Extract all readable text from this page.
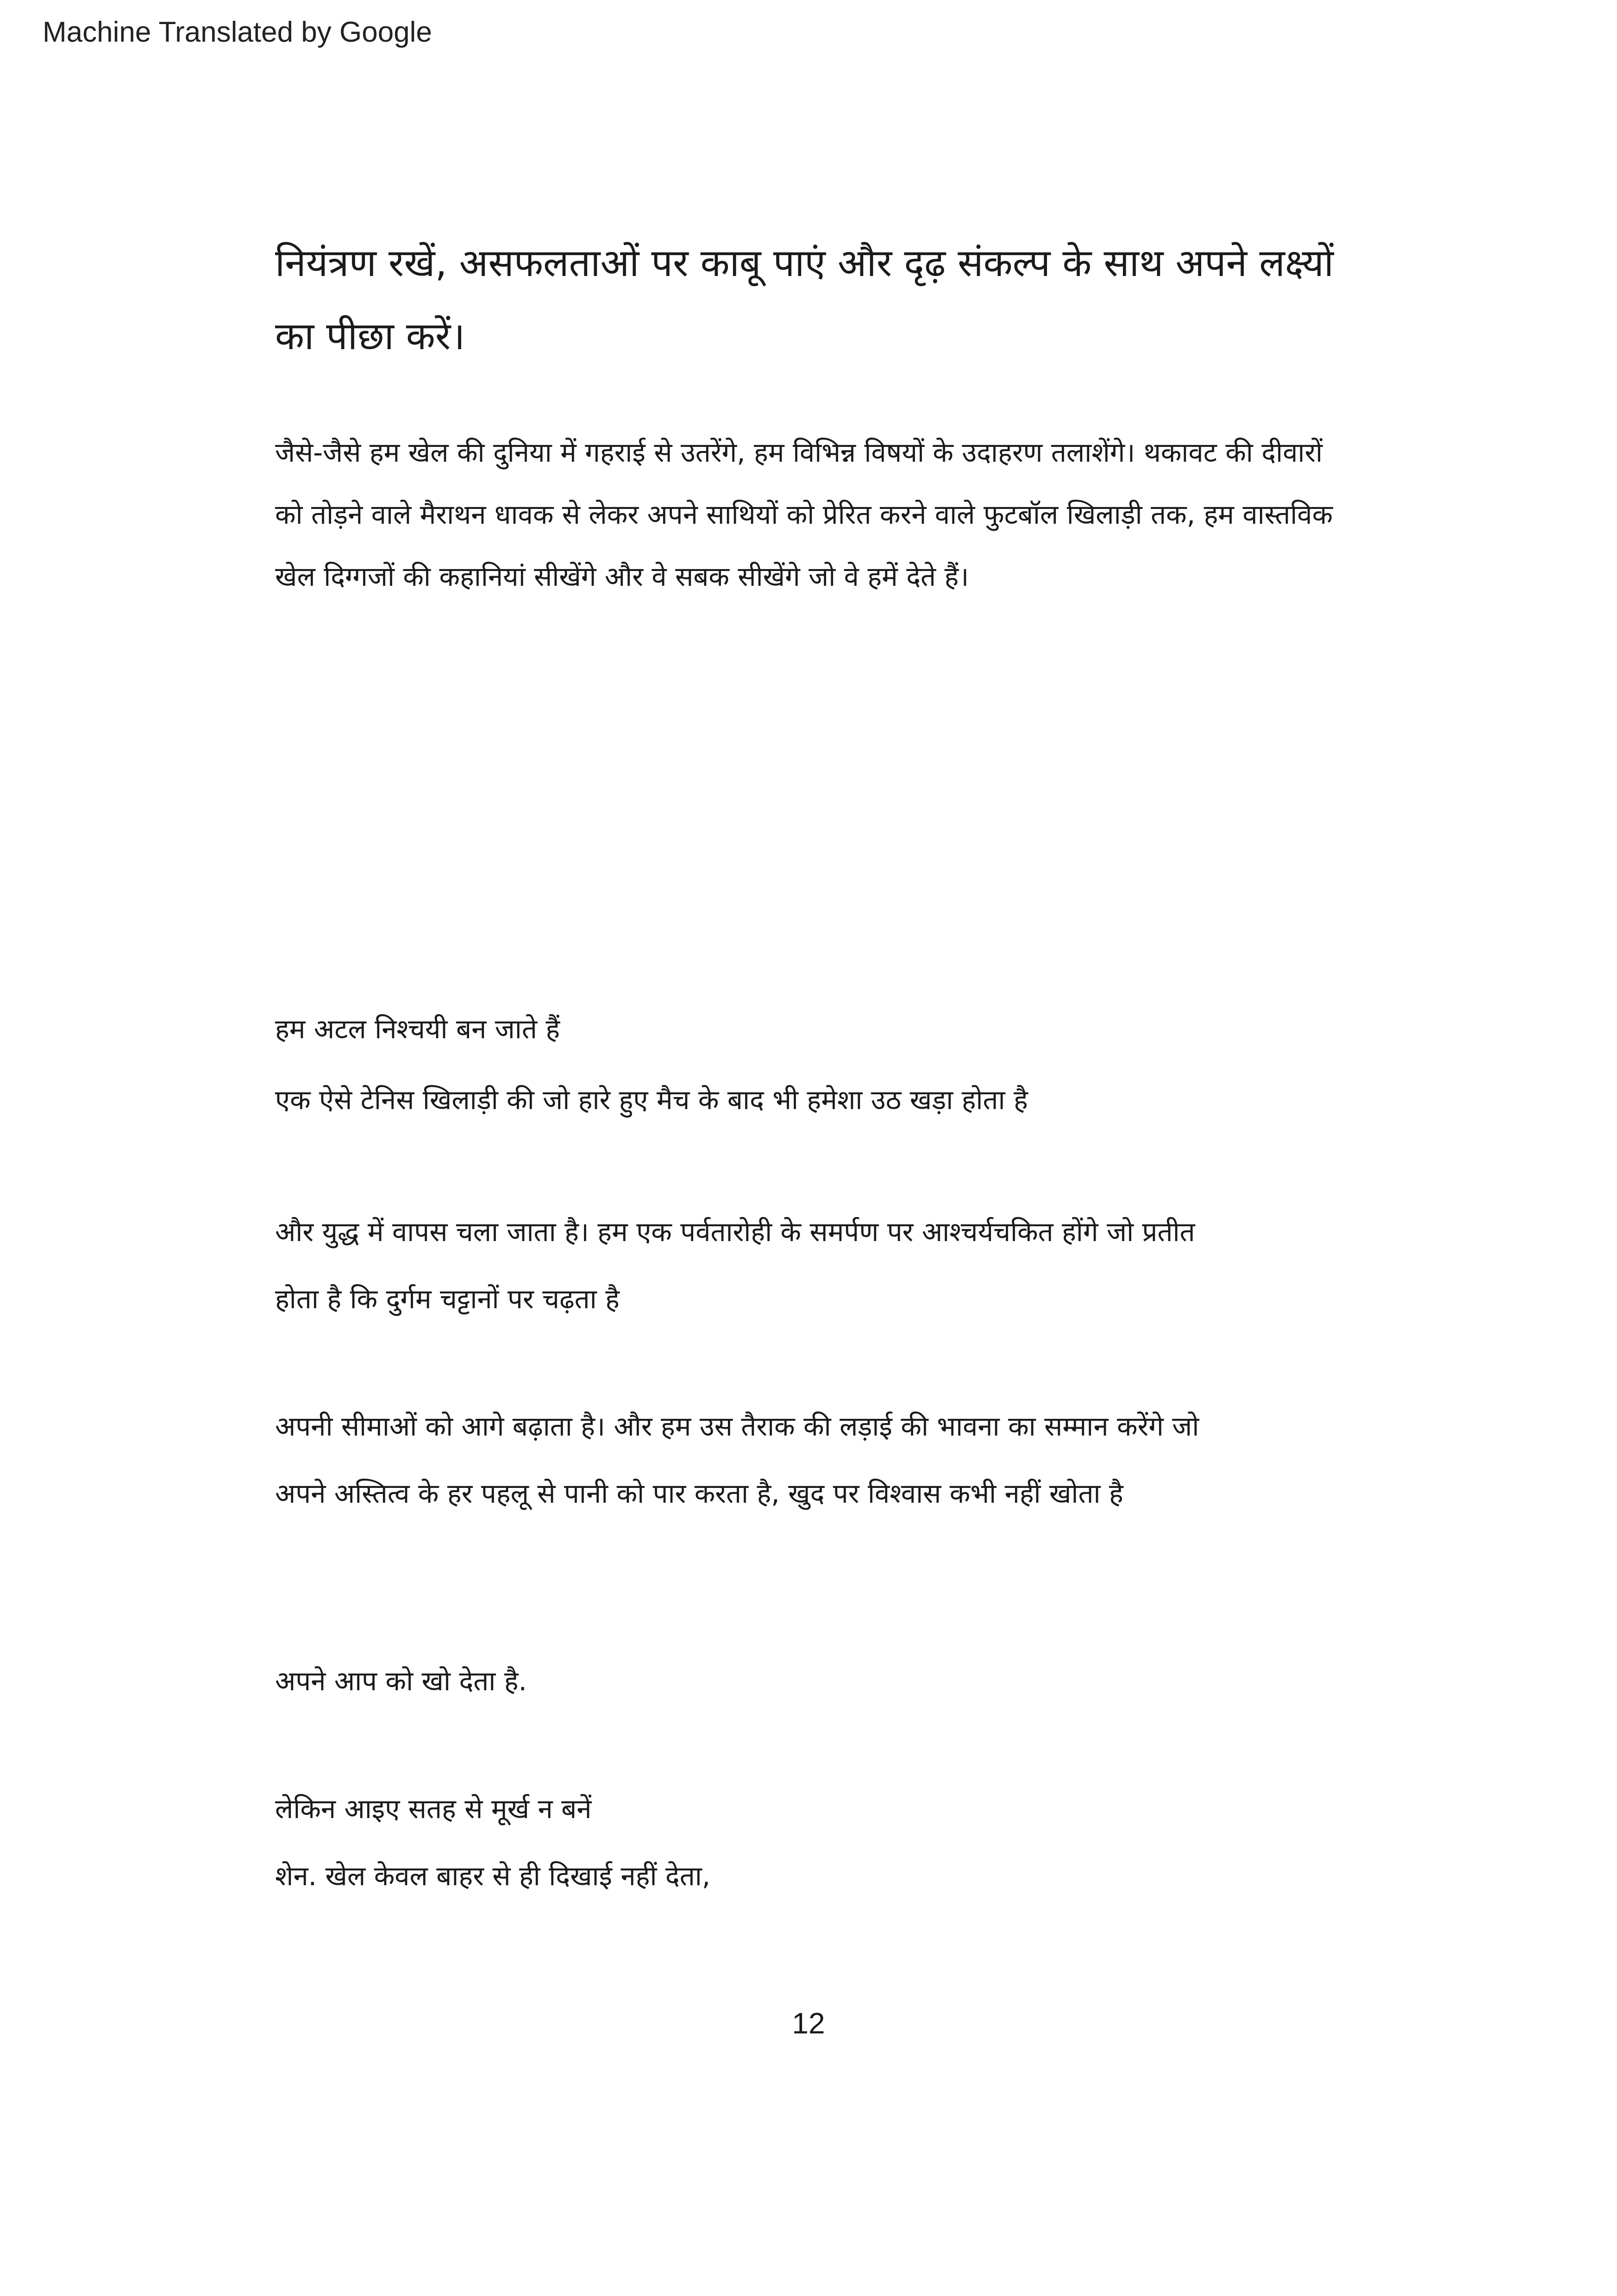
Machine Translated by Google
नियंत्रण रखें, असफलताओं पर काबू पाएं और दृढ़ संकल्प के साथ अपने लक्ष्यों का पीछा करें।
जैसे-जैसे हम खेल की दुनिया में गहराई से उतरेंगे, हम विभिन्न विषयों के उदाहरण तलाशेंगे। थकावट की दीवारों को तोड़ने वाले मैराथन धावक से लेकर अपने साथियों को प्रेरित करने वाले फुटबॉल खिलाड़ी तक, हम वास्तविक खेल दिग्गजों की कहानियां सीखेंगे और वे सबक सीखेंगे जो वे हमें देते हैं।
हम अटल निश्चयी बन जाते हैं
एक ऐसे टेनिस खिलाड़ी की जो हारे हुए मैच के बाद भी हमेशा उठ खड़ा होता है
और युद्ध में वापस चला जाता है। हम एक पर्वतारोही के समर्पण पर आश्चर्यचकित होंगे जो प्रतीत
होता है कि दुर्गम चट्टानों पर चढ़ता है
अपनी सीमाओं को आगे बढ़ाता है। और हम उस तैराक की लड़ाई की भावना का सम्मान करेंगे जो
अपने अस्तित्व के हर पहलू से पानी को पार करता है, खुद पर विश्वास कभी नहीं खोता है
अपने आप को खो देता है.
लेकिन आइए सतह से मूर्ख न बनें
शेन. खेल केवल बाहर से ही दिखाई नहीं देता,
12
